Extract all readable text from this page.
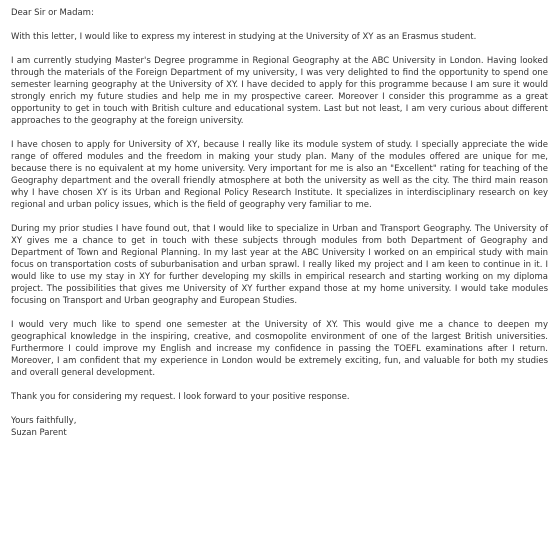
Dear Sir or Madam:

With this letter, I would like to express my interest in studying at the University of XY as an Erasmus student.

I am currently studying Master's Degree programme in Regional Geography at the ABC University in London. Having looked through the materials of the Foreign Department of my university, I was very delighted to find the opportunity to spend one semester learning geography at the University of XY. I have decided to apply for this programme because I am sure it would strongly enrich my future studies and help me in my prospective career. Moreover I consider this programme as a great opportunity to get in touch with British culture and educational system. Last but not least, I am very curious about different approaches to the geography at the foreign university.

I have chosen to apply for University of XY, because I really like its module system of study. I specially appreciate the wide range of offered modules and the freedom in making your study plan. Many of the modules offered are unique for me, because there is no equivalent at my home university. Very important for me is also an "Excellent" rating for teaching of the Geography department and the overall friendly atmosphere at both the university as well as the city. The third main reason why I have chosen XY is its Urban and Regional Policy Research Institute. It specializes in interdisciplinary research on key regional and urban policy issues, which is the field of geography very familiar to me.

During my prior studies I have found out, that I would like to specialize in Urban and Transport Geography. The University of XY gives me a chance to get in touch with these subjects through modules from both Department of Geography and Department of Town and Regional Planning. In my last year at the ABC University I worked on an empirical study with main focus on transportation costs of suburbanisation and urban sprawl. I really liked my project and I am keen to continue in it. I would like to use my stay in XY for further developing my skills in empirical research and starting working on my diploma project. The possibilities that gives me University of XY further expand those at my home university. I would take modules focusing on Transport and Urban geography and European Studies.

I would very much like to spend one semester at the University of XY. This would give me a chance to deepen my geographical knowledge in the inspiring, creative, and cosmopolite environment of one of the largest British universities. Furthermore I could improve my English and increase my confidence in passing the TOEFL examinations after I return. Moreover, I am confident that my experience in London would be extremely exciting, fun, and valuable for both my studies and overall general development.

Thank you for considering my request. I look forward to your positive response.

Yours faithfully,

Suzan Parent
